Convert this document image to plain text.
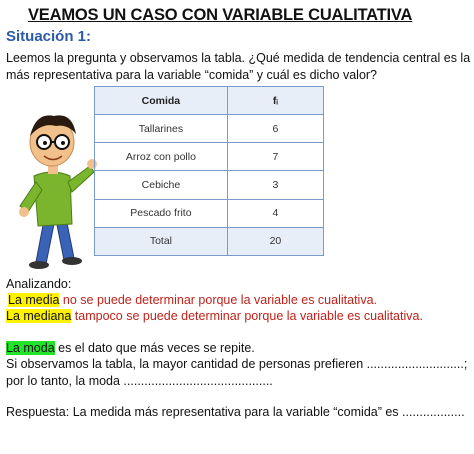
VEAMOS UN CASO CON VARIABLE CUALITATIVA
Situación 1:
Leemos la pregunta y observamos la tabla. ¿Qué medida de tendencia central es la
más representativa para la variable “comida” y cuál es dicho valor?
Comida	fᵢ
Tallarines	6
Arroz con pollo	7
Cebiche	3
Pescado frito	4
Total	20
Analizando:
La media no se puede determinar porque la variable es cualitativa.
La mediana tampoco se puede determinar porque la variable es cualitativa.
La moda es el dato que más veces se repite.
Si observamos la tabla, la mayor cantidad de personas prefieren ............................;
por lo tanto, la moda ...........................................
Respuesta: La medida más representativa para la variable “comida” es ..................
